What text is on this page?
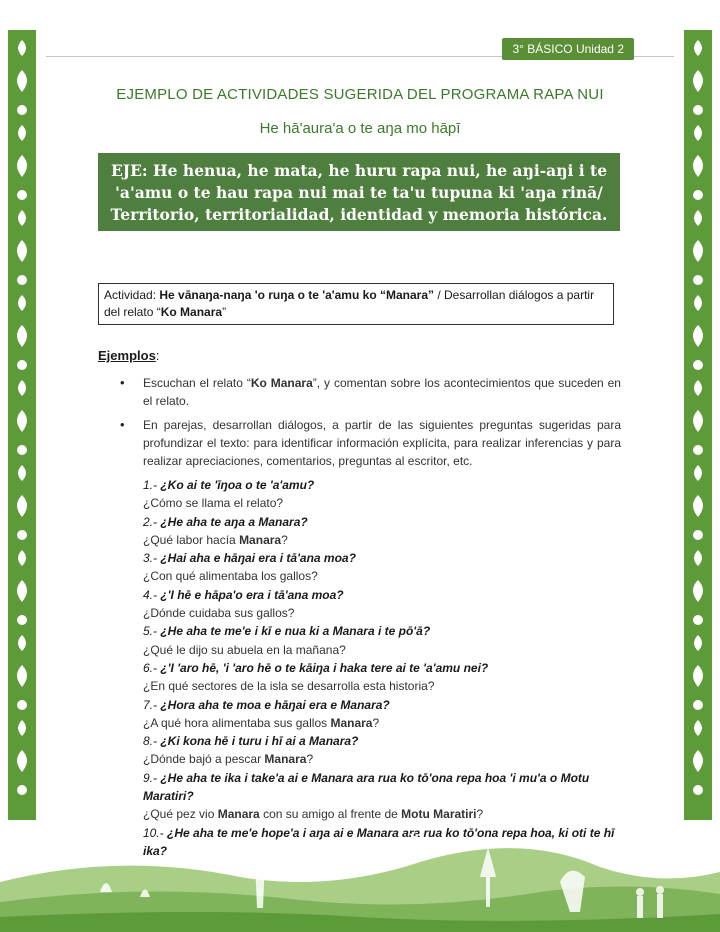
3° BÁSICO Unidad 2
EJEMPLO DE ACTIVIDADES SUGERIDA DEL PROGRAMA RAPA NUI
He hā'aura'a o te aŋa mo hāpī
EJE: He henua, he mata, he huru rapa nui, he aŋi-aŋi i te 'a'amu o te hau rapa nui mai te ta'u tupuna ki 'aŋa rinā/ Territorio, territorialidad, identidad y memoria histórica.
Actividad: He vānaŋa-naŋa 'o ruŋa o te 'a'amu ko “Manara” / Desarrollan diálogos a partir del relato “Ko Manara”
Ejemplos:
• Escuchan el relato “Ko Manara”, y comentan sobre los acontecimientos que suceden en el relato.
• En parejas, desarrollan diálogos, a partir de las siguientes preguntas sugeridas para profundizar el texto: para identificar información explícita, para realizar inferencias y para realizar apreciaciones, comentarios, preguntas al escritor, etc.
1.- ¿Ko ai te 'īŋoa o te 'a'amu?
¿Cómo se llama el relato?
2.- ¿He aha te aŋa a Manara?
¿Qué labor hacía Manara?
3.- ¿Hai aha e hāŋai era i tā'ana moa?
¿Con qué alimentaba los gallos?
4.- ¿'I hē e hāpa'o era i tā'ana moa?
¿Dónde cuidaba sus gallos?
5.- ¿He aha te me'e i kī e nua ki a Manara i te pō'ā?
¿Qué le dijo su abuela en la mañana?
6.- ¿'I 'aro hē, 'i 'aro hē o te kāiŋa i haka tere ai te 'a'amu nei?
¿En qué sectores de la isla se desarrolla esta historia?
7.- ¿Hora aha te moa e hāŋai era e Manara?
¿A qué hora alimentaba sus gallos Manara?
8.- ¿Ki kona hē i turu i hī ai a Manara?
¿Dónde bajó a pescar Manara?
9.- ¿He aha te ika i take'a ai e Manara ara rua ko tō'ona repa hoa 'i mu'a o Motu Maratiri?
¿Qué pez vio Manara con su amigo al frente de Motu Maratiri?
10.- ¿He aha te me'e hope'a i aŋa ai e Manara ara rua ko tō'ona repa hoa, ki oti te hī ika?
